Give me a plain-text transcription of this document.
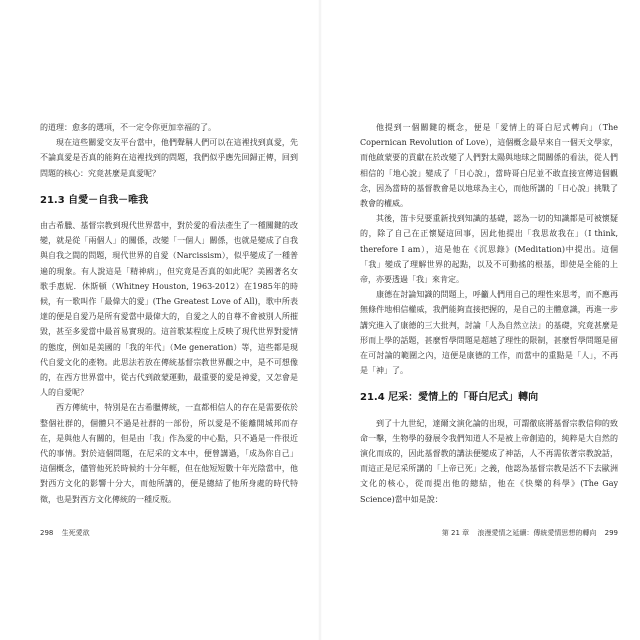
的道理：愈多的選項，不一定令你更加幸福的了。

現在這些關愛交友平台當中，他們聲稱人們可以在這裡找到真愛，先不論真愛是否真的能夠在這裡找到的問題，我們似乎應先回歸正傳，回到問題的核心：究竟甚麼是真愛呢？

21.3 自愛－自我－唯我

由古希臘、基督宗教到現代世界當中，對於愛的看法產生了一種關鍵的改變，就是從「兩個人」的關係，改變「一個人」關係，也就是變成了自我與自我之間的問題，現代世界的自愛（Narcissism），似乎變成了一種普遍的現象。有人說這是「精神病」，但究竟是否真的如此呢？美國著名女歌手惠妮．休斯頓（Whitney Houston, 1963-2012）在1985年的時候，有一歌叫作「最偉大的愛」(The Greatest Love of All)，歌中所表達的便是自愛乃是所有愛當中最偉大的，自愛之人的自尊不會被別人所摧毀，甚至多愛當中最首易實現的。這首歌某程度上反映了現代世界對愛情的態度，例如是美國的「我的年代」（Me generation）等，這些都是現代自愛文化的產物。此思法若放在傳統基督宗教世界觀之中，是不可想像的，在西方世界當中，從古代到啟蒙運動，最重要的愛是神愛，又怎會是人的自愛呢？

西方傳統中，特別是在古希臘傳統，一直都相信人的存在是需要依於整個社群的，個體只不過是社群的一部份，所以愛是不能離開城邦而存在，是與他人有關的，但是由「我」作為愛的中心點，只不過是一件很近代的事情。對於這個問題，在尼采的文本中，便曾講過，「成為你自己」這個概念，儘管他死於時候約十分年輕，但在他短短數十年光陰當中，他對西方文化的影響十分大，而他所講的，便是總結了他所身處的時代特徵，也是對西方文化傳統的一種反叛。

298 生死愛欲

他提到一個關鍵的概念，便是「愛情上的哥白尼式轉向」（The Copernican Revolution of Love），這個概念最早來自一個天文學家，而他啟蒙要的貢獻在於改變了人們對太陽與地球之間關係的看法，從人們相信的「地心說」變成了「日心說」，當時哥白尼並不敢直接宣傳這個觀念，因為當時的基督教會是以地球為主心，而他所講的「日心說」挑戰了教會的權威。

其後，笛卡兒要重新找到知識的基礎，認為一切的知識都是可被懷疑的，除了自己在正懷疑這回事，因此他提出「我思故我在」（I think, therefore I am），這是他在《沉思錄》(Meditation)中提出。這個「我」變成了理解世界的起點，以及不可動搖的根基，即使是全能的上帝，亦要透過「我」來肯定。

康德在討論知識的問題上，呼籲人們用自己的理性來思考，而不應再無條件地相信權威，我們能夠直接把握的，是自己的主體意識，再進一步講究進入了康德的三大批判，討論「人為自然立法」的基礎，究竟甚麼是形而上學的話題，甚麼哲學問題是超越了理性的限制，甚麼哲學問題是留在可討論的範圍之內，這便是康德的工作，而當中的重點是「人」，不再是「神」了。

21.4 尼采：愛情上的「哥白尼式」轉向

到了十九世紀，達爾文演化論的出現，可謂徹底將基督宗教信仰的致命一擊，生物學的發展令我們知道人不是被上帝創造的，純粹是大自然的演化而成的，因此基督教的講法便變成了神話，人不再需依著宗教說話，而這正是尼采所講的「上帝已死」之義，他認為基督宗教是活不下去歐洲文化的核心，從而提出他的總結，他在《快樂的科學》(The Gay Science)當中如是說：

第 21 章 浪漫愛情之延續：傳統愛情思想的轉向 299
